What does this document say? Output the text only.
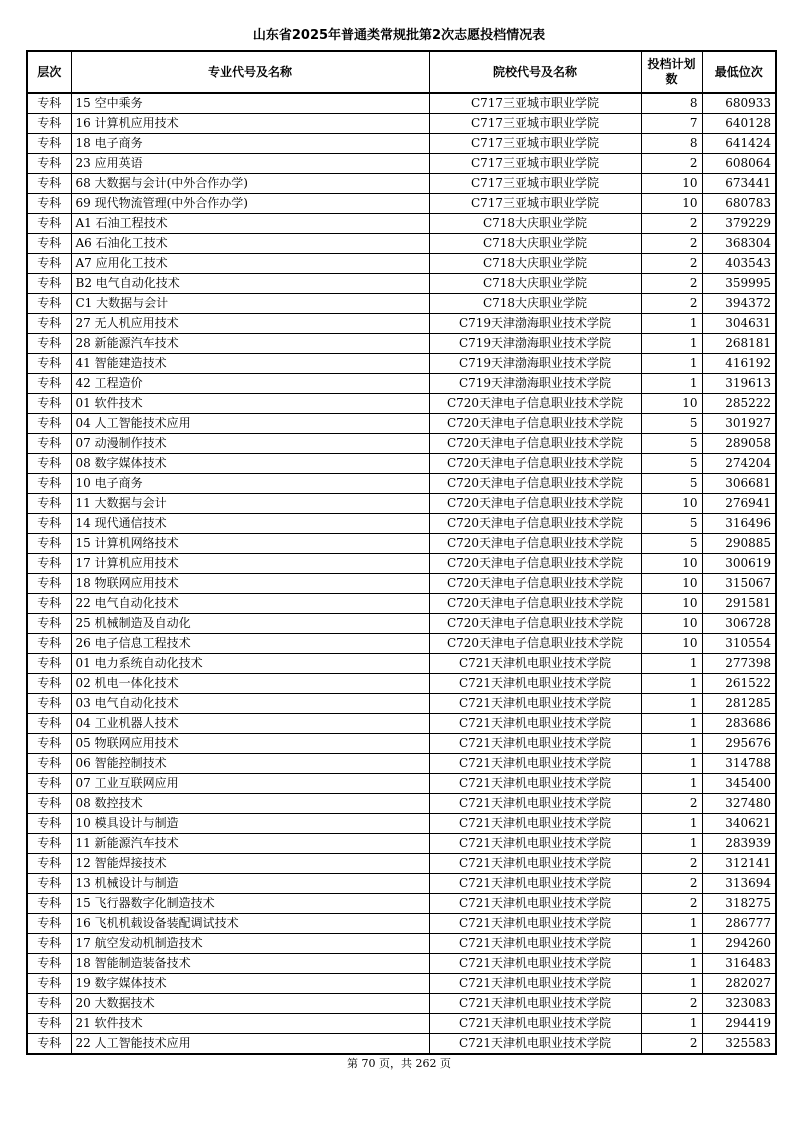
山东省2025年普通类常规批第2次志愿投档情况表
层次	专业代号及名称	院校代号及名称	投档计划数	最低位次
专科	15 空中乘务	C717三亚城市职业学院	8	680933
专科	16 计算机应用技术	C717三亚城市职业学院	7	640128
专科	18 电子商务	C717三亚城市职业学院	8	641424
专科	23 应用英语	C717三亚城市职业学院	2	608064
专科	68 大数据与会计(中外合作办学)	C717三亚城市职业学院	10	673441
专科	69 现代物流管理(中外合作办学)	C717三亚城市职业学院	10	680783
专科	A1 石油工程技术	C718大庆职业学院	2	379229
专科	A6 石油化工技术	C718大庆职业学院	2	368304
专科	A7 应用化工技术	C718大庆职业学院	2	403543
专科	B2 电气自动化技术	C718大庆职业学院	2	359995
专科	C1 大数据与会计	C718大庆职业学院	2	394372
专科	27 无人机应用技术	C719天津渤海职业技术学院	1	304631
专科	28 新能源汽车技术	C719天津渤海职业技术学院	1	268181
专科	41 智能建造技术	C719天津渤海职业技术学院	1	416192
专科	42 工程造价	C719天津渤海职业技术学院	1	319613
专科	01 软件技术	C720天津电子信息职业技术学院	10	285222
专科	04 人工智能技术应用	C720天津电子信息职业技术学院	5	301927
专科	07 动漫制作技术	C720天津电子信息职业技术学院	5	289058
专科	08 数字媒体技术	C720天津电子信息职业技术学院	5	274204
专科	10 电子商务	C720天津电子信息职业技术学院	5	306681
专科	11 大数据与会计	C720天津电子信息职业技术学院	10	276941
专科	14 现代通信技术	C720天津电子信息职业技术学院	5	316496
专科	15 计算机网络技术	C720天津电子信息职业技术学院	5	290885
专科	17 计算机应用技术	C720天津电子信息职业技术学院	10	300619
专科	18 物联网应用技术	C720天津电子信息职业技术学院	10	315067
专科	22 电气自动化技术	C720天津电子信息职业技术学院	10	291581
专科	25 机械制造及自动化	C720天津电子信息职业技术学院	10	306728
专科	26 电子信息工程技术	C720天津电子信息职业技术学院	10	310554
专科	01 电力系统自动化技术	C721天津机电职业技术学院	1	277398
专科	02 机电一体化技术	C721天津机电职业技术学院	1	261522
专科	03 电气自动化技术	C721天津机电职业技术学院	1	281285
专科	04 工业机器人技术	C721天津机电职业技术学院	1	283686
专科	05 物联网应用技术	C721天津机电职业技术学院	1	295676
专科	06 智能控制技术	C721天津机电职业技术学院	1	314788
专科	07 工业互联网应用	C721天津机电职业技术学院	1	345400
专科	08 数控技术	C721天津机电职业技术学院	2	327480
专科	10 模具设计与制造	C721天津机电职业技术学院	1	340621
专科	11 新能源汽车技术	C721天津机电职业技术学院	1	283939
专科	12 智能焊接技术	C721天津机电职业技术学院	2	312141
专科	13 机械设计与制造	C721天津机电职业技术学院	2	313694
专科	15 飞行器数字化制造技术	C721天津机电职业技术学院	2	318275
专科	16 飞机机载设备装配调试技术	C721天津机电职业技术学院	1	286777
专科	17 航空发动机制造技术	C721天津机电职业技术学院	1	294260
专科	18 智能制造装备技术	C721天津机电职业技术学院	1	316483
专科	19 数字媒体技术	C721天津机电职业技术学院	1	282027
专科	20 大数据技术	C721天津机电职业技术学院	2	323083
专科	21 软件技术	C721天津机电职业技术学院	1	294419
专科	22 人工智能技术应用	C721天津机电职业技术学院	2	325583
第 70 页，共 262 页
